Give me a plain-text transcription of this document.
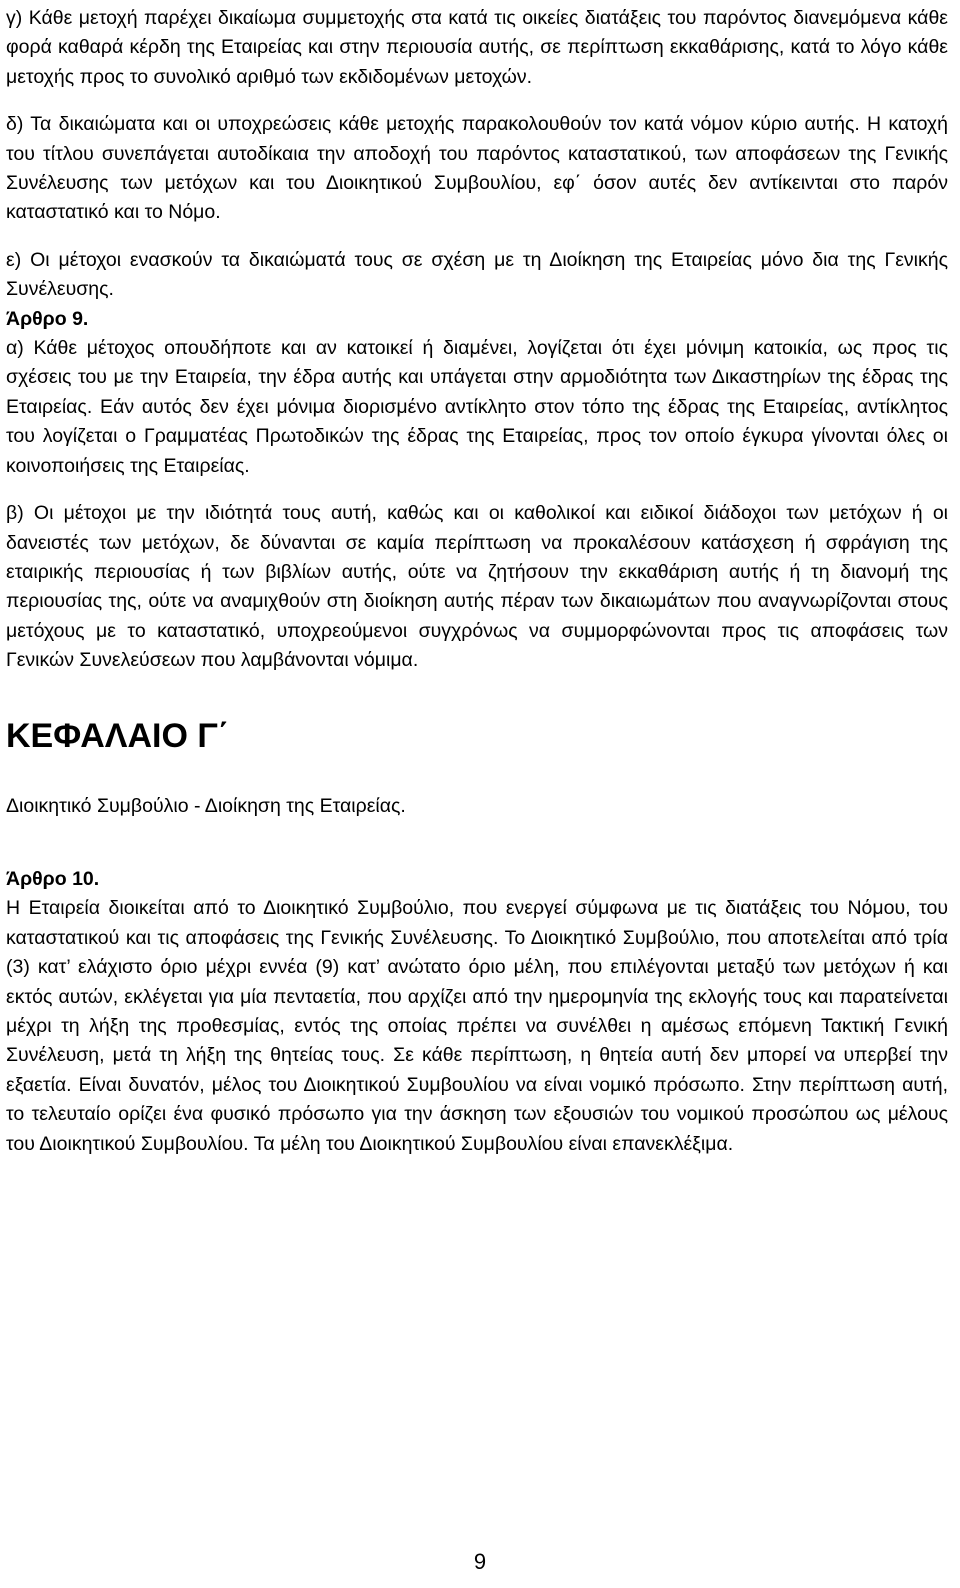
γ) Κάθε μετοχή παρέχει δικαίωμα συμμετοχής στα κατά τις οικείες διατάξεις του παρόντος διανεμόμενα κάθε φορά καθαρά κέρδη της Εταιρείας και στην περιουσία αυτής, σε περίπτωση εκκαθάρισης, κατά το λόγο κάθε μετοχής προς το συνολικό αριθμό των εκδιδομένων μετοχών.

δ) Τα δικαιώματα και οι υποχρεώσεις κάθε μετοχής παρακολουθούν τον κατά νόμον κύριο αυτής. Η κατοχή του τίτλου συνεπάγεται αυτοδίκαια την αποδοχή του παρόντος καταστατικού, των αποφάσεων της Γενικής Συνέλευσης των μετόχων και του Διοικητικού Συμβουλίου, εφ΄ όσον αυτές δεν αντίκεινται στο παρόν καταστατικό και το Νόμο.

ε) Οι μέτοχοι ενασκούν τα δικαιώματά τους σε σχέση με τη Διοίκηση της Εταιρείας μόνο δια της Γενικής Συνέλευσης.

Άρθρο 9.

α) Κάθε μέτοχος οπουδήποτε και αν κατοικεί ή διαμένει, λογίζεται ότι έχει μόνιμη κατοικία, ως προς τις σχέσεις του με την Εταιρεία, την έδρα αυτής και υπάγεται στην αρμοδιότητα των Δικαστηρίων της έδρας της Εταιρείας. Εάν αυτός δεν έχει μόνιμα διορισμένο αντίκλητο στον τόπο της έδρας της Εταιρείας, αντίκλητος του λογίζεται ο Γραμματέας Πρωτοδικών της έδρας της Εταιρείας, προς τον οποίο έγκυρα γίνονται όλες οι κοινοποιήσεις της Εταιρείας.

β) Οι μέτοχοι με την ιδιότητά τους αυτή, καθώς και οι καθολικοί και ειδικοί διάδοχοι των μετόχων ή οι δανειστές των μετόχων, δε δύνανται σε καμία περίπτωση να προκαλέσουν κατάσχεση ή σφράγιση της εταιρικής περιουσίας ή των βιβλίων αυτής, ούτε να ζητήσουν την εκκαθάριση αυτής ή τη διανομή της περιουσίας της, ούτε να αναμιχθούν στη διοίκηση αυτής πέραν των δικαιωμάτων που αναγνωρίζονται στους μετόχους με το καταστατικό, υποχρεούμενοι συγχρόνως να συμμορφώνονται προς τις αποφάσεις των Γενικών Συνελεύσεων που λαμβάνονται νόμιμα.

ΚΕΦΑΛΑΙΟ Γ΄

Διοικητικό Συμβούλιο - Διοίκηση της Εταιρείας.

Άρθρο 10.

Η Εταιρεία διοικείται από το Διοικητικό Συμβούλιο, που ενεργεί σύμφωνα με τις διατάξεις του Νόμου, του καταστατικού και τις αποφάσεις της Γενικής Συνέλευσης. Το Διοικητικό Συμβούλιο, που αποτελείται από τρία (3) κατ’ ελάχιστο όριο μέχρι εννέα (9) κατ’ ανώτατο όριο μέλη, που επιλέγονται μεταξύ των μετόχων ή και εκτός αυτών, εκλέγεται για μία πενταετία, που αρχίζει από την ημερομηνία της εκλογής τους και παρατείνεται μέχρι τη λήξη της προθεσμίας, εντός της οποίας πρέπει να συνέλθει η αμέσως επόμενη Τακτική Γενική Συνέλευση, μετά τη λήξη της θητείας τους. Σε κάθε περίπτωση, η θητεία αυτή δεν μπορεί να υπερβεί την εξαετία. Είναι δυνατόν, μέλος του Διοικητικού Συμβουλίου να είναι νομικό πρόσωπο. Στην περίπτωση αυτή, το τελευταίο ορίζει ένα φυσικό πρόσωπο για την άσκηση των εξουσιών του νομικού προσώπου ως μέλους του Διοικητικού Συμβουλίου. Τα μέλη του Διοικητικού Συμβουλίου είναι επανεκλέξιμα.

9
